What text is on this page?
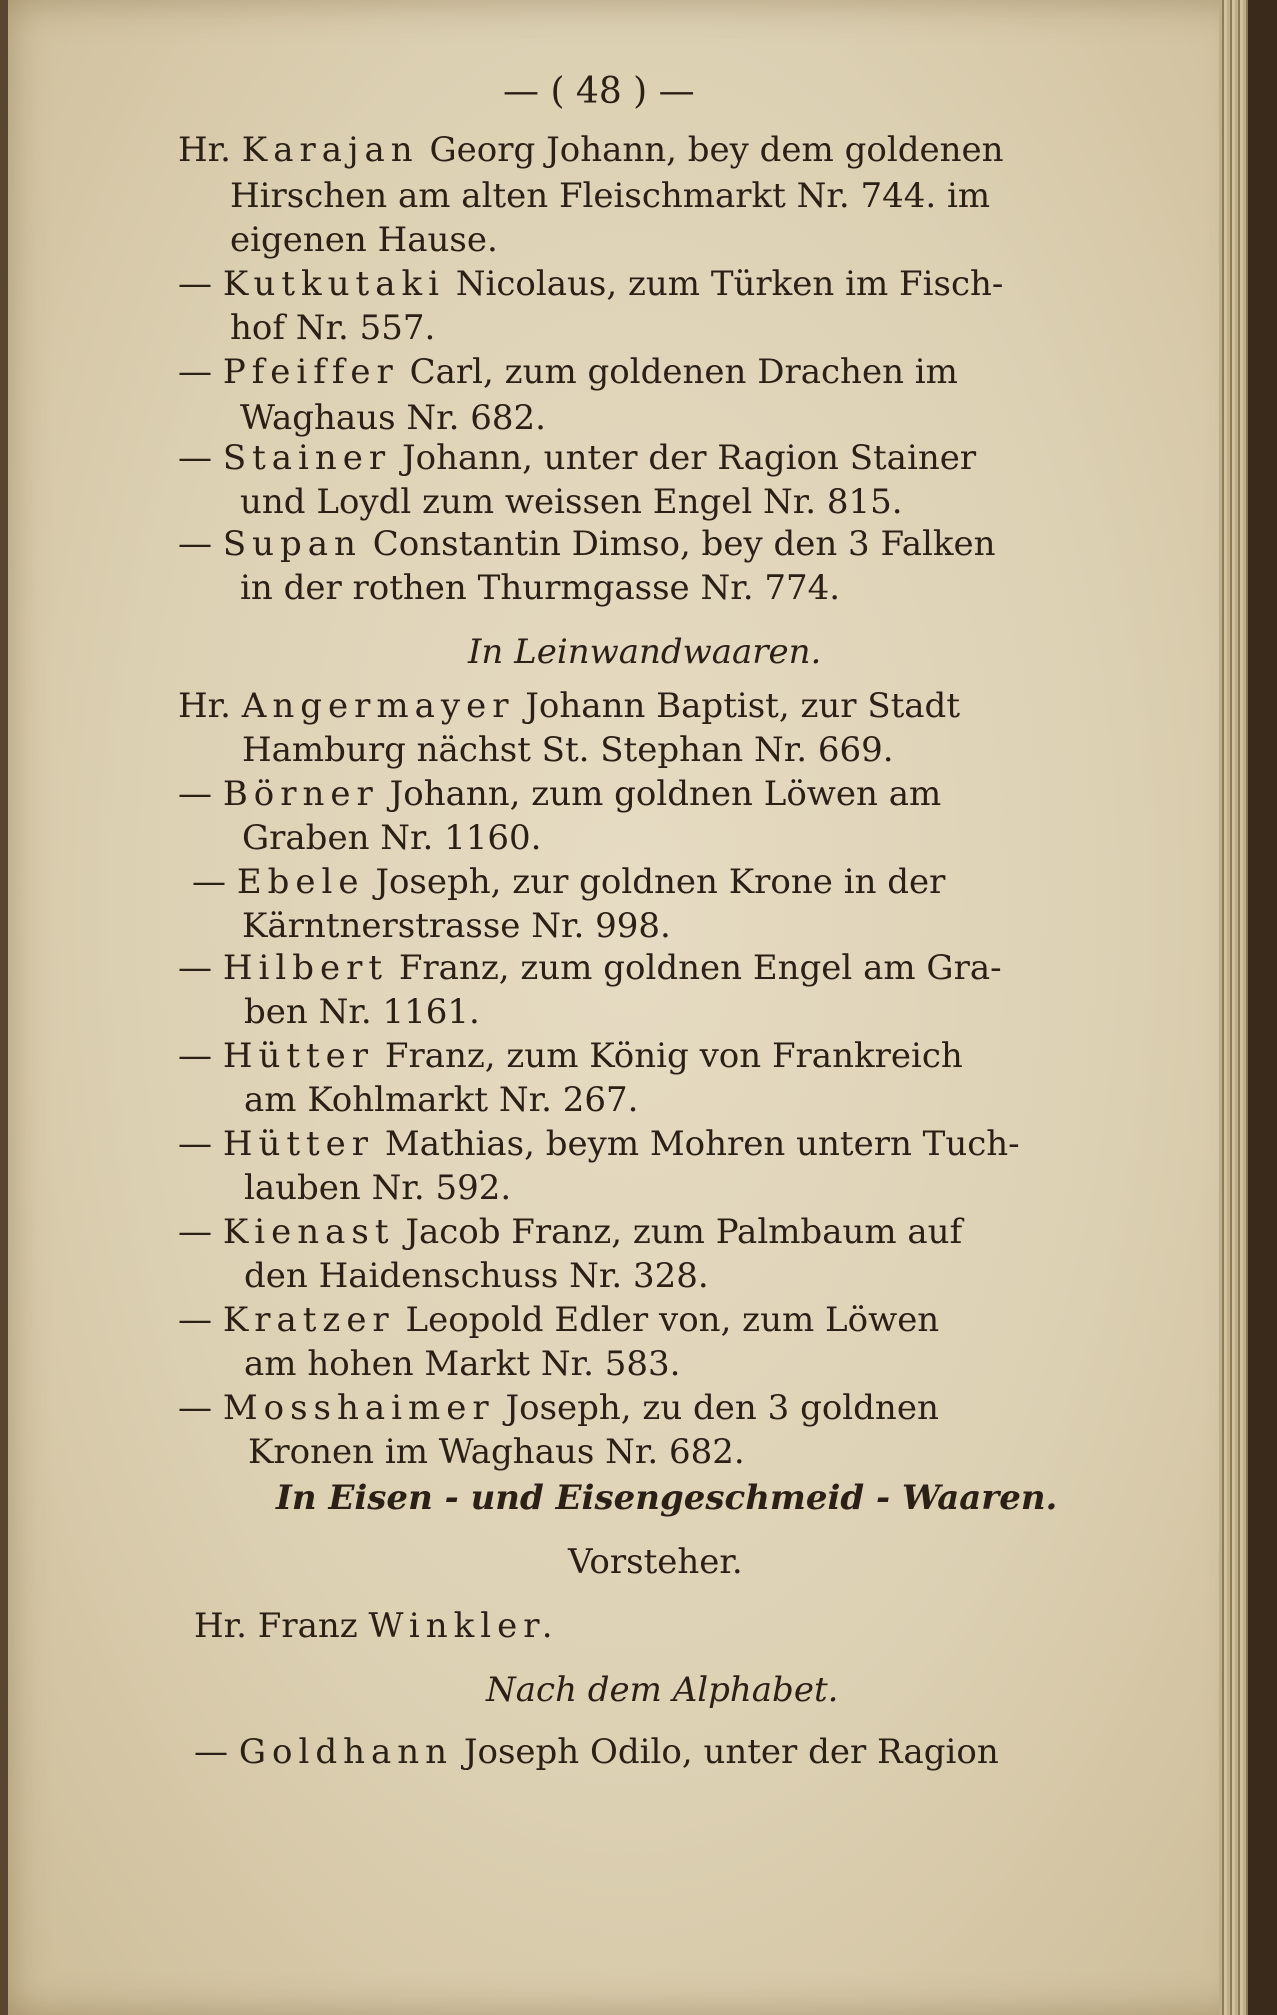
— ( 48 ) —
Hr. Karajan Georg Johann, bey dem goldenen
Hirschen am alten Fleischmarkt Nr. 744. im
eigenen Hause.
— Kutkutaki Nicolaus, zum Türken im Fisch-
hof Nr. 557.
— Pfeiffer Carl, zum goldenen Drachen im
Waghaus Nr. 682.
— Stainer Johann, unter der Ragion Stainer
und Loydl zum weissen Engel Nr. 815.
— Supan Constantin Dimso, bey den 3 Falken
in der rothen Thurmgasse Nr. 774.
In Leinwandwaaren.
Hr. Angermayer Johann Baptist, zur Stadt
Hamburg nächst St. Stephan Nr. 669.
— Börner Johann, zum goldnen Löwen am
Graben Nr. 1160.
— Ebele Joseph, zur goldnen Krone in der
Kärntnerstrasse Nr. 998.
— Hilbert Franz, zum goldnen Engel am Gra-
ben Nr. 1161.
— Hütter Franz, zum König von Frankreich
am Kohlmarkt Nr. 267.
— Hütter Mathias, beym Mohren untern Tuch-
lauben Nr. 592.
— Kienast Jacob Franz, zum Palmbaum auf
den Haidenschuss Nr. 328.
— Kratzer Leopold Edler von, zum Löwen
am hohen Markt Nr. 583.
— Mosshaimer Joseph, zu den 3 goldnen
Kronen im Waghaus Nr. 682.
In Eisen - und Eisengeschmeid - Waaren.
Vorsteher.
Hr. Franz Winkler.
Nach dem Alphabet.
— Goldhann Joseph Odilo, unter der Ragion
